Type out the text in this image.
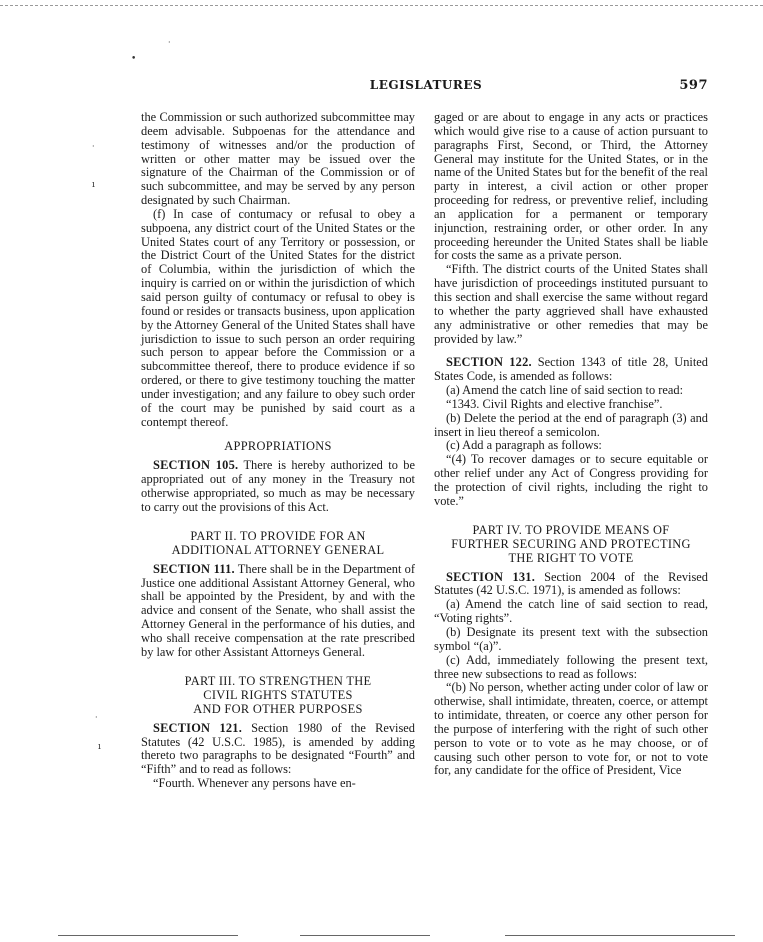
•
·
·
ı
·
ı
LEGISLATURES	597

the Commission or such authorized subcommittee may deem advisable. Subpoenas for the attendance and testimony of witnesses and/or the production of written or other matter may be issued over the signature of the Chairman of the Commission or of such subcommittee, and may be served by any person designated by such Chairman.

(f) In case of contumacy or refusal to obey a subpoena, any district court of the United States or the United States court of any Territory or possession, or the District Court of the United States for the district of Columbia, within the jurisdiction of which the inquiry is carried on or within the jurisdiction of which said person guilty of contumacy or refusal to obey is found or resides or transacts business, upon application by the Attorney General of the United States shall have jurisdiction to issue to such person an order requiring such person to appear before the Commission or a subcommittee thereof, there to produce evidence if so ordered, or there to give testimony touching the matter under investigation; and any failure to obey such order of the court may be punished by said court as a contempt thereof.

APPROPRIATIONS

SECTION 105. There is hereby authorized to be appropriated out of any money in the Treasury not otherwise appropriated, so much as may be necessary to carry out the provisions of this Act.

PART II. TO PROVIDE FOR AN
ADDITIONAL ATTORNEY GENERAL

SECTION 111. There shall be in the Department of Justice one additional Assistant Attorney General, who shall be appointed by the President, by and with the advice and consent of the Senate, who shall assist the Attorney General in the performance of his duties, and who shall receive compensation at the rate prescribed by law for other Assistant Attorneys General.

PART III. TO STRENGTHEN THE
CIVIL RIGHTS STATUTES
AND FOR OTHER PURPOSES

SECTION 121. Section 1980 of the Revised Statutes (42 U.S.C. 1985), is amended by adding thereto two paragraphs to be designated “Fourth” and “Fifth” and to read as follows:

“Fourth. Whenever any persons have en-

gaged or are about to engage in any acts or practices which would give rise to a cause of action pursuant to paragraphs First, Second, or Third, the Attorney General may institute for the United States, or in the name of the United States but for the benefit of the real party in interest, a civil action or other proper proceeding for redress, or preventive relief, including an application for a permanent or temporary injunction, restraining order, or other order. In any proceeding hereunder the United States shall be liable for costs the same as a private person.

“Fifth. The district courts of the United States shall have jurisdiction of proceedings instituted pursuant to this section and shall exercise the same without regard to whether the party aggrieved shall have exhausted any administrative or other remedies that may be provided by law.”

SECTION 122. Section 1343 of title 28, United States Code, is amended as follows:

(a) Amend the catch line of said section to read:

“1343. Civil Rights and elective franchise”.

(b) Delete the period at the end of paragraph (3) and insert in lieu thereof a semicolon.

(c) Add a paragraph as follows:

“(4) To recover damages or to secure equitable or other relief under any Act of Congress providing for the protection of civil rights, including the right to vote.”

PART IV. TO PROVIDE MEANS OF
FURTHER SECURING AND PROTECTING
THE RIGHT TO VOTE

SECTION 131. Section 2004 of the Revised Statutes (42 U.S.C. 1971), is amended as follows:

(a) Amend the catch line of said section to read, “Voting rights”.

(b) Designate its present text with the subsection symbol “(a)”.

(c) Add, immediately following the present text, three new subsections to read as follows:

“(b) No person, whether acting under color of law or otherwise, shall intimidate, threaten, coerce, or attempt to intimidate, threaten, or coerce any other person for the purpose of interfering with the right of such other person to vote or to vote as he may choose, or of causing such other person to vote for, or not to vote for, any candidate for the office of President, Vice
